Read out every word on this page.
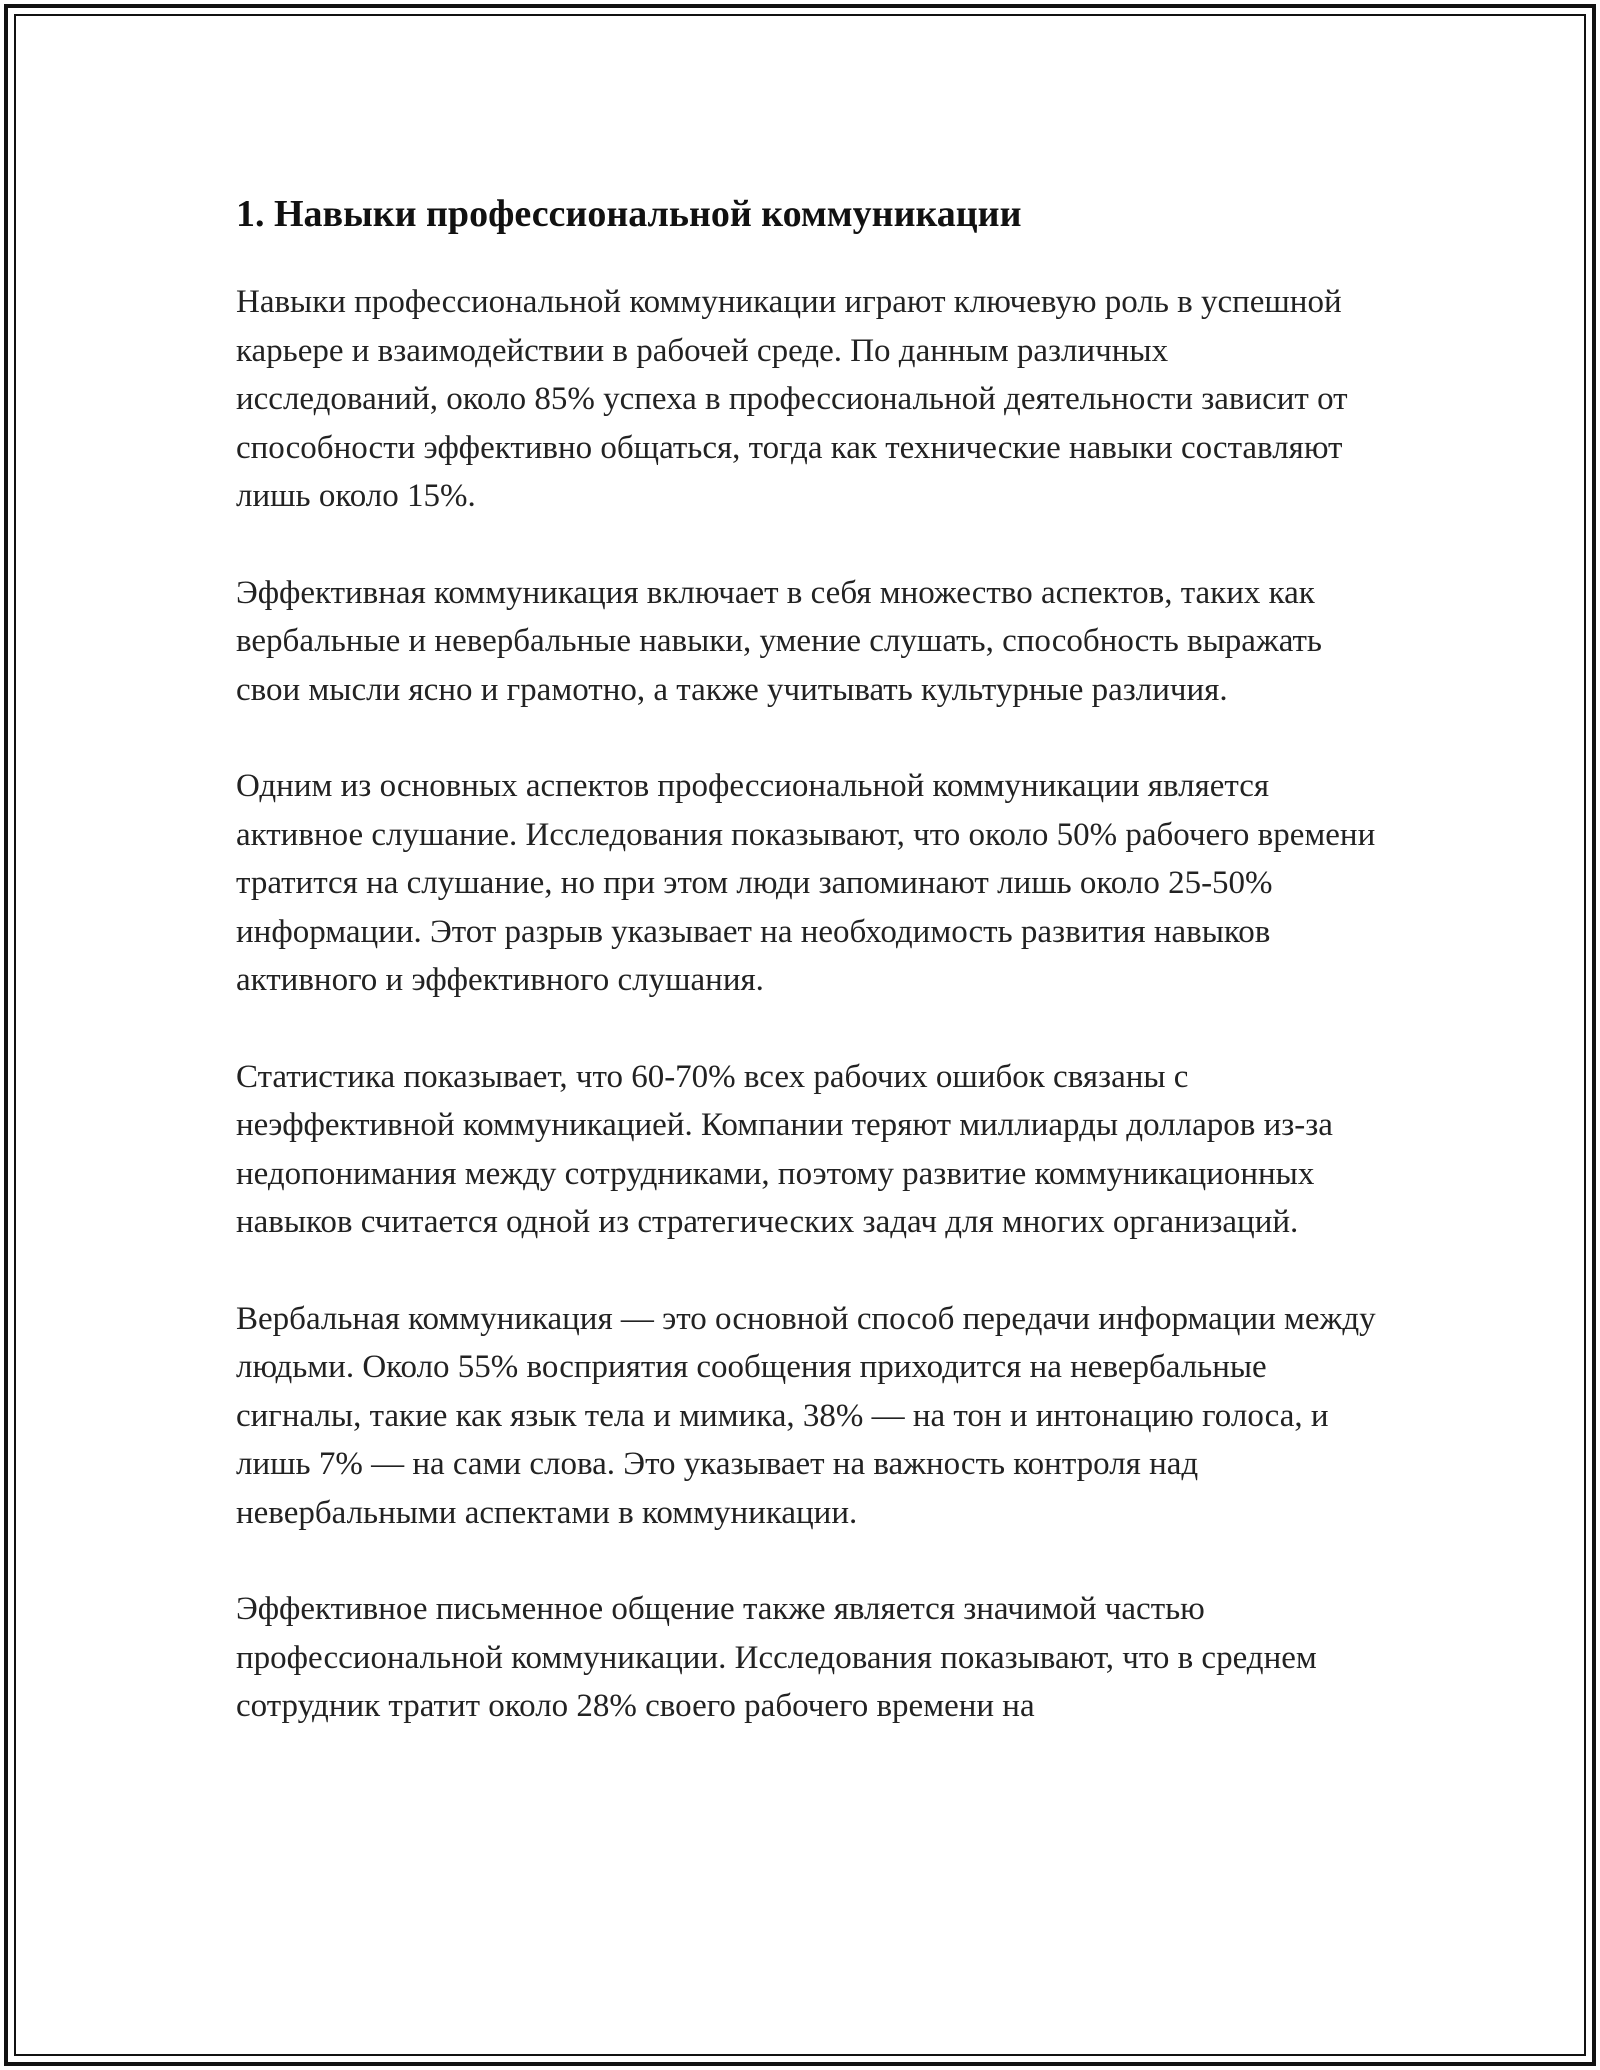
1. Навыки профессиональной коммуникации

Навыки профессиональной коммуникации играют ключевую роль в успешной карьере и взаимодействии в рабочей среде. По данным различных исследований, около 85% успеха в профессиональной деятельности зависит от способности эффективно общаться, тогда как технические навыки составляют лишь около 15%.

Эффективная коммуникация включает в себя множество аспектов, таких как вербальные и невербальные навыки, умение слушать, способность выражать свои мысли ясно и грамотно, а также учитывать культурные различия.

Одним из основных аспектов профессиональной коммуникации является активное слушание. Исследования показывают, что около 50% рабочего времени тратится на слушание, но при этом люди запоминают лишь около 25-50% информации. Этот разрыв указывает на необходимость развития навыков активного и эффективного слушания.

Статистика показывает, что 60-70% всех рабочих ошибок связаны с неэффективной коммуникацией. Компании теряют миллиарды долларов из-за недопонимания между сотрудниками, поэтому развитие коммуникационных навыков считается одной из стратегических задач для многих организаций.

Вербальная коммуникация — это основной способ передачи информации между людьми. Около 55% восприятия сообщения приходится на невербальные сигналы, такие как язык тела и мимика, 38% — на тон и интонацию голоса, и лишь 7% — на сами слова. Это указывает на важность контроля над невербальными аспектами в коммуникации.

Эффективное письменное общение также является значимой частью профессиональной коммуникации. Исследования показывают, что в среднем сотрудник тратит около 28% своего рабочего времени на
